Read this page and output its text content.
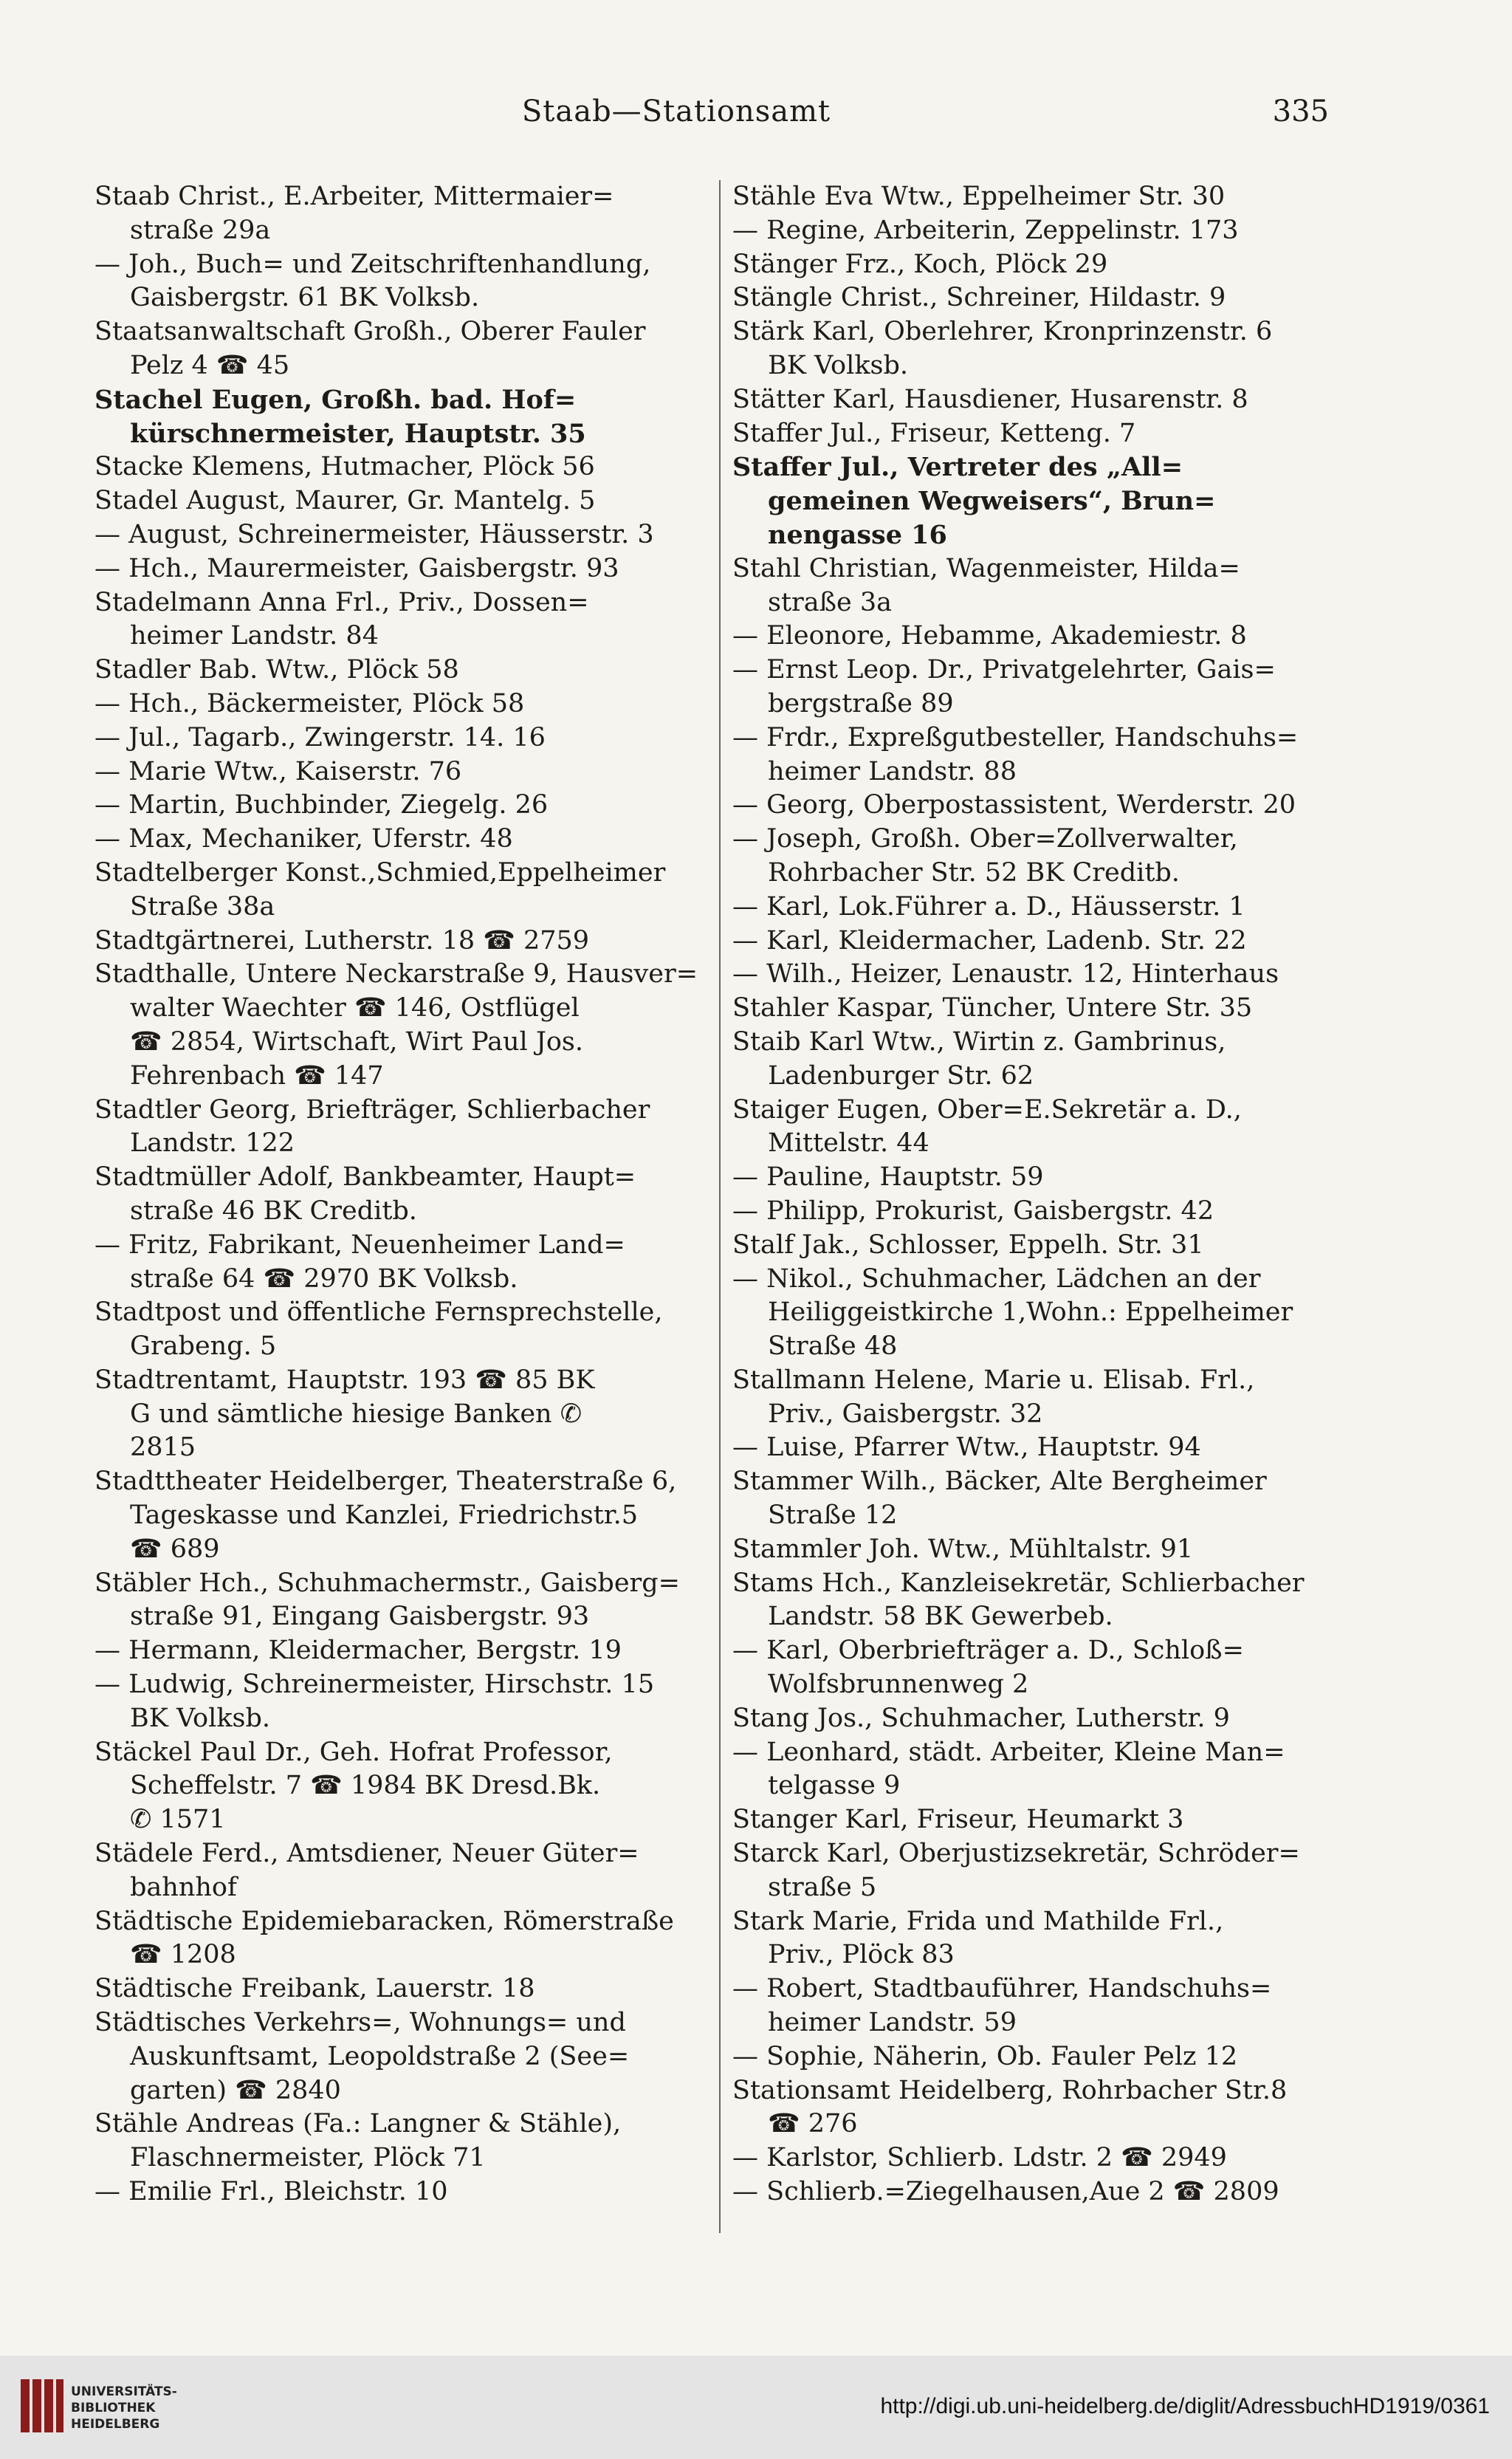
Staab—Stationsamt	335
Staab Christ., E.Arbeiter, Mittermaier=
straße 29a
— Joh., Buch= und Zeitschriftenhandlung,
Gaisbergstr. 61 BK Volksb.
Staatsanwaltschaft Großh., Oberer Fauler
Pelz 4 ☎ 45
Stachel Eugen, Großh. bad. Hof=
kürschnermeister, Hauptstr. 35
Stacke Klemens, Hutmacher, Plöck 56
Stadel August, Maurer, Gr. Mantelg. 5
— August, Schreinermeister, Häusserstr. 3
— Hch., Maurermeister, Gaisbergstr. 93
Stadelmann Anna Frl., Priv., Dossen=
heimer Landstr. 84
Stadler Bab. Wtw., Plöck 58
— Hch., Bäckermeister, Plöck 58
— Jul., Tagarb., Zwingerstr. 14. 16
— Marie Wtw., Kaiserstr. 76
— Martin, Buchbinder, Ziegelg. 26
— Max, Mechaniker, Uferstr. 48
Stadtelberger Konst.,Schmied,Eppelheimer
Straße 38a
Stadtgärtnerei, Lutherstr. 18 ☎ 2759
Stadthalle, Untere Neckarstraße 9, Hausver=
walter Waechter ☎ 146, Ostflügel
☎ 2854, Wirtschaft, Wirt Paul Jos.
Fehrenbach ☎ 147
Stadtler Georg, Briefträger, Schlierbacher
Landstr. 122
Stadtmüller Adolf, Bankbeamter, Haupt=
straße 46 BK Creditb.
— Fritz, Fabrikant, Neuenheimer Land=
straße 64 ☎ 2970 BK Volksb.
Stadtpost und öffentliche Fernsprechstelle,
Grabeng. 5
Stadtrentamt, Hauptstr. 193 ☎ 85 BK
G und sämtliche hiesige Banken ✆
2815
Stadttheater Heidelberger, Theaterstraße 6,
Tageskasse und Kanzlei, Friedrichstr.5
☎ 689
Stäbler Hch., Schuhmachermstr., Gaisberg=
straße 91, Eingang Gaisbergstr. 93
— Hermann, Kleidermacher, Bergstr. 19
— Ludwig, Schreinermeister, Hirschstr. 15
BK Volksb.
Stäckel Paul Dr., Geh. Hofrat Professor,
Scheffelstr. 7 ☎ 1984 BK Dresd.Bk.
✆ 1571
Städele Ferd., Amtsdiener, Neuer Güter=
bahnhof
Städtische Epidemiebaracken, Römerstraße
☎ 1208
Städtische Freibank, Lauerstr. 18
Städtisches Verkehrs=, Wohnungs= und
Auskunftsamt, Leopoldstraße 2 (See=
garten) ☎ 2840
Stähle Andreas (Fa.: Langner & Stähle),
Flaschnermeister, Plöck 71
— Emilie Frl., Bleichstr. 10
Stähle Eva Wtw., Eppelheimer Str. 30
— Regine, Arbeiterin, Zeppelinstr. 173
Stänger Frz., Koch, Plöck 29
Stängle Christ., Schreiner, Hildastr. 9
Stärk Karl, Oberlehrer, Kronprinzenstr. 6
BK Volksb.
Stätter Karl, Hausdiener, Husarenstr. 8
Staffer Jul., Friseur, Ketteng. 7
Staffer Jul., Vertreter des „All=
gemeinen Wegweisers“, Brun=
nengasse 16
Stahl Christian, Wagenmeister, Hilda=
straße 3a
— Eleonore, Hebamme, Akademiestr. 8
— Ernst Leop. Dr., Privatgelehrter, Gais=
bergstraße 89
— Frdr., Expreßgutbesteller, Handschuhs=
heimer Landstr. 88
— Georg, Oberpostassistent, Werderstr. 20
— Joseph, Großh. Ober=Zollverwalter,
Rohrbacher Str. 52 BK Creditb.
— Karl, Lok.Führer a. D., Häusserstr. 1
— Karl, Kleidermacher, Ladenb. Str. 22
— Wilh., Heizer, Lenaustr. 12, Hinterhaus
Stahler Kaspar, Tüncher, Untere Str. 35
Staib Karl Wtw., Wirtin z. Gambrinus,
Ladenburger Str. 62
Staiger Eugen, Ober=E.Sekretär a. D.,
Mittelstr. 44
— Pauline, Hauptstr. 59
— Philipp, Prokurist, Gaisbergstr. 42
Stalf Jak., Schlosser, Eppelh. Str. 31
— Nikol., Schuhmacher, Lädchen an der
Heiliggeistkirche 1,Wohn.: Eppelheimer
Straße 48
Stallmann Helene, Marie u. Elisab. Frl.,
Priv., Gaisbergstr. 32
— Luise, Pfarrer Wtw., Hauptstr. 94
Stammer Wilh., Bäcker, Alte Bergheimer
Straße 12
Stammler Joh. Wtw., Mühltalstr. 91
Stams Hch., Kanzleisekretär, Schlierbacher
Landstr. 58 BK Gewerbeb.
— Karl, Oberbriefträger a. D., Schloß=
Wolfsbrunnenweg 2
Stang Jos., Schuhmacher, Lutherstr. 9
— Leonhard, städt. Arbeiter, Kleine Man=
telgasse 9
Stanger Karl, Friseur, Heumarkt 3
Starck Karl, Oberjustizsekretär, Schröder=
straße 5
Stark Marie, Frida und Mathilde Frl.,
Priv., Plöck 83
— Robert, Stadtbauführer, Handschuhs=
heimer Landstr. 59
— Sophie, Näherin, Ob. Fauler Pelz 12
Stationsamt Heidelberg, Rohrbacher Str.8
☎ 276
— Karlstor, Schlierb. Ldstr. 2 ☎ 2949
— Schlierb.=Ziegelhausen,Aue 2 ☎ 2809
UNIVERSITÄTS-
BIBLIOTHEK
HEIDELBERG
http://digi.ub.uni-heidelberg.de/diglit/AdressbuchHD1919/0361
